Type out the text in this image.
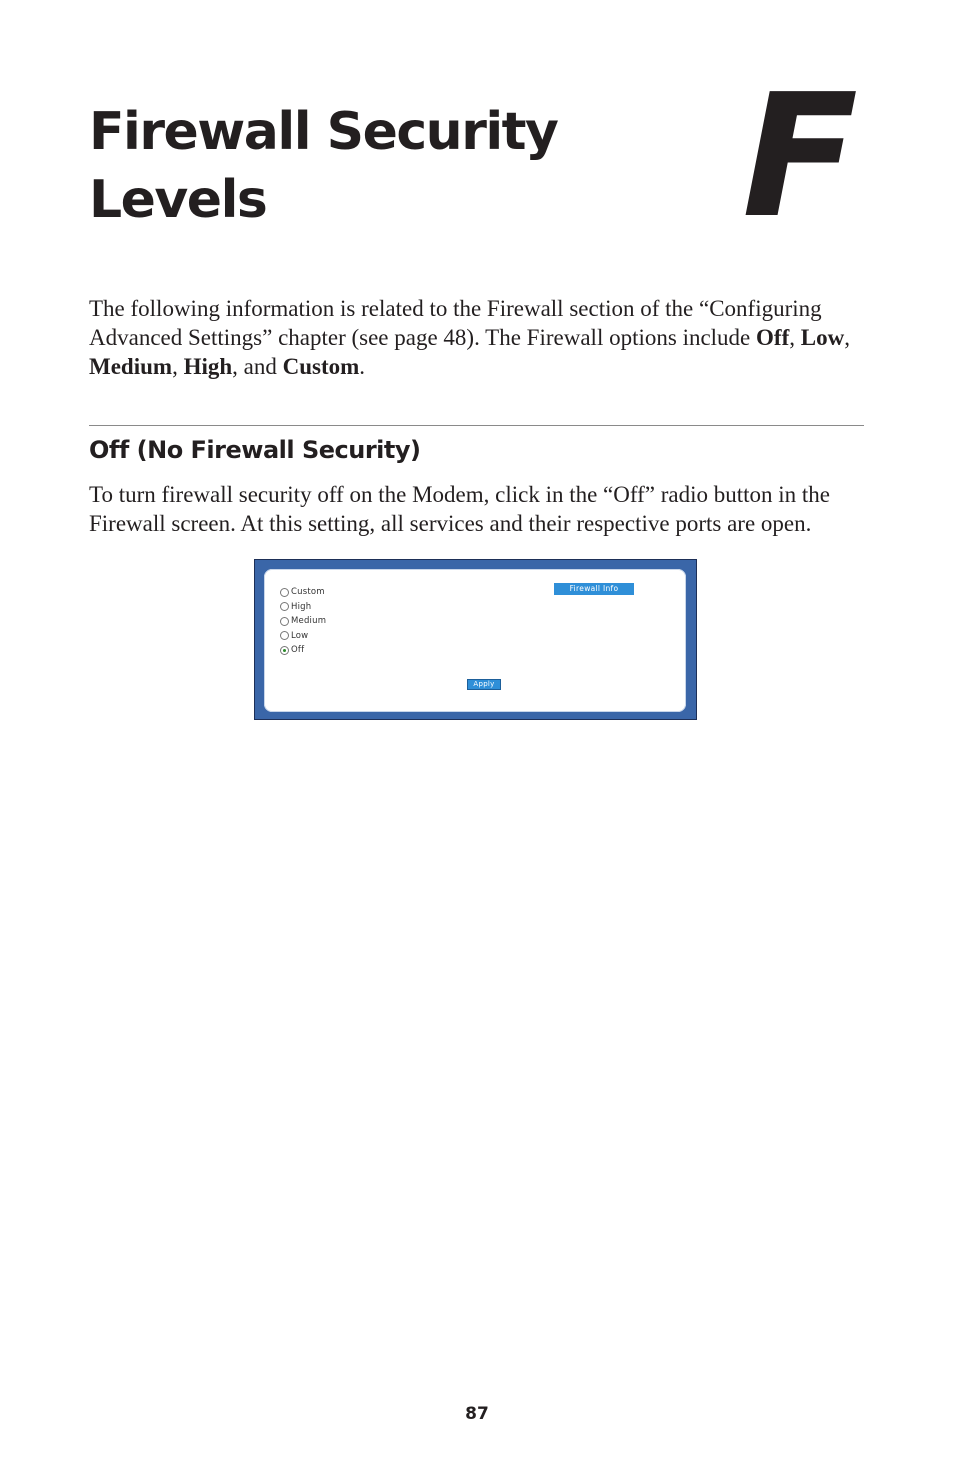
Firewall Security
Levels	F

The following information is related to the Firewall section of the “Configuring Advanced Settings” chapter (see page 48). The Firewall options include Off, Low, Medium, High, and Custom.

Off (No Firewall Security)

To turn firewall security off on the Modem, click in the “Off” radio button in the Firewall screen. At this setting, all services and their respective ports are open.

Custom
High
Medium
Low
Off
Firewall Info
Apply
87
